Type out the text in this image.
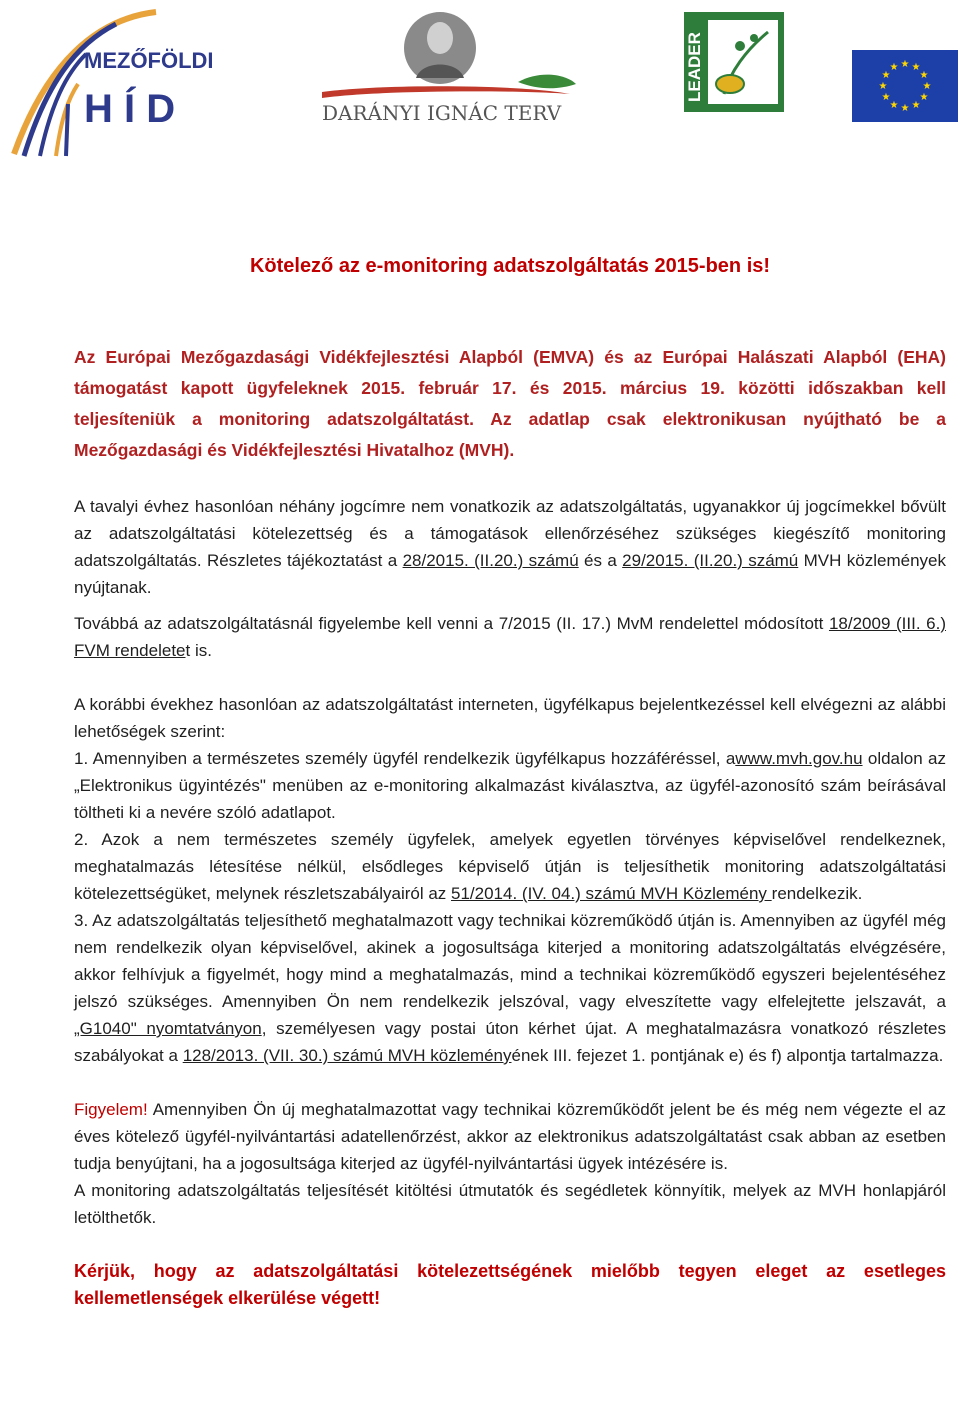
MEZŐFÖLDI
H Í D	DARÁNYI IGNÁC TERV
LEADER	★ ★
★
★
★
★
★
★
★
★
★
★
Kötelező az e-monitoring adatszolgáltatás 2015-ben is!

Az Európai Mezőgazdasági Vidékfejlesztési Alapból (EMVA) és az Európai Halászati Alapból (EHA) támogatást kapott ügyfeleknek 2015. február 17. és 2015. március 19. közötti időszakban kell teljesíteniük a monitoring adatszolgáltatást. Az adatlap csak elektronikusan nyújtható be a Mezőgazdasági és Vidékfejlesztési Hivatalhoz (MVH).

A tavalyi évhez hasonlóan néhány jogcímre nem vonatkozik az adatszolgáltatás, ugyanakkor új jogcímekkel bővült az adatszolgáltatási kötelezettség és a támogatások ellenőrzéséhez szükséges kiegészítő monitoring adatszolgáltatás. Részletes tájékoztatást a 28/2015. (II.20.) számú és a 29/2015. (II.20.) számú MVH közlemények nyújtanak.

Továbbá az adatszolgáltatásnál figyelembe kell venni a 7/2015 (II. 17.) MvM rendelettel módosított 18/2009 (III. 6.) FVM rendeletet is.

A korábbi évekhez hasonlóan az adatszolgáltatást interneten, ügyfélkapus bejelentkezéssel kell elvégezni az alábbi lehetőségek szerint:

1. Amennyiben a természetes személy ügyfél rendelkezik ügyfélkapus hozzáféréssel, awww.mvh.gov.hu oldalon az „Elektronikus ügyintézés" menüben az e-monitoring alkalmazást kiválasztva, az ügyfél-azonosító szám beírásával töltheti ki a nevére szóló adatlapot.

2. Azok a nem természetes személy ügyfelek, amelyek egyetlen törvényes képviselővel rendelkeznek, meghatalmazás létesítése nélkül, elsődleges képviselő útján is teljesíthetik monitoring adatszolgáltatási kötelezettségüket, melynek részletszabályairól az 51/2014. (IV. 04.) számú MVH Közlemény rendelkezik.

3. Az adatszolgáltatás teljesíthető meghatalmazott vagy technikai közreműködő útján is. Amennyiben az ügyfél még nem rendelkezik olyan képviselővel, akinek a jogosultsága kiterjed a monitoring adatszolgáltatás elvégzésére, akkor felhívjuk a figyelmét, hogy mind a meghatalmazás, mind a technikai közreműködő egyszeri bejelentéséhez jelszó szükséges. Amennyiben Ön nem rendelkezik jelszóval, vagy elveszítette vagy elfelejtette jelszavát, a „G1040" nyomtatványon, személyesen vagy postai úton kérhet újat. A meghatalmazásra vonatkozó részletes szabályokat a 128/2013. (VII. 30.) számú MVH közleményének III. fejezet 1. pontjának e) és f) alpontja tartalmazza.

Figyelem! Amennyiben Ön új meghatalmazottat vagy technikai közreműködőt jelent be és még nem végezte el az éves kötelező ügyfél-nyilvántartási adatellenőrzést, akkor az elektronikus adatszolgáltatást csak abban az esetben tudja benyújtani, ha a jogosultsága kiterjed az ügyfél-nyilvántartási ügyek intézésére is.

A monitoring adatszolgáltatás teljesítését kitöltési útmutatók és segédletek könnyítik, melyek az MVH honlapjáról letölthetők.

Kérjük, hogy az adatszolgáltatási kötelezettségének mielőbb tegyen eleget az esetleges kellemetlenségek elkerülése végett!
